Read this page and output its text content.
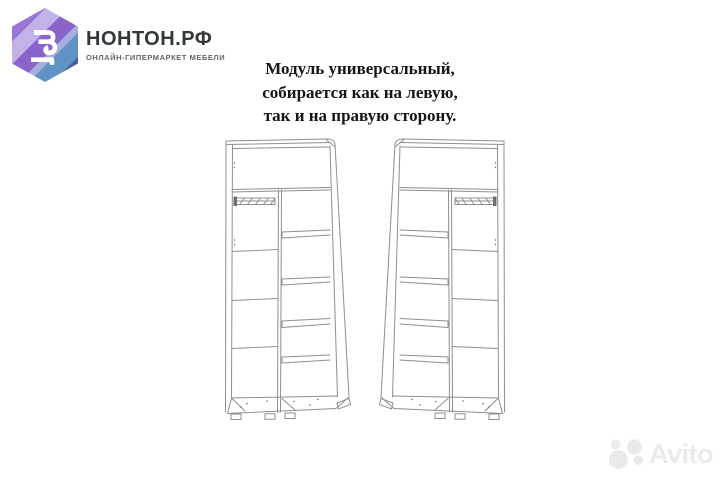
НОНТОН.РФ
ОНЛАЙН-ГИПЕРМАРКЕТ МЕБЕЛИ
Модуль универсальный,
собирается как на левую,
так и на правую сторону.
Avito
